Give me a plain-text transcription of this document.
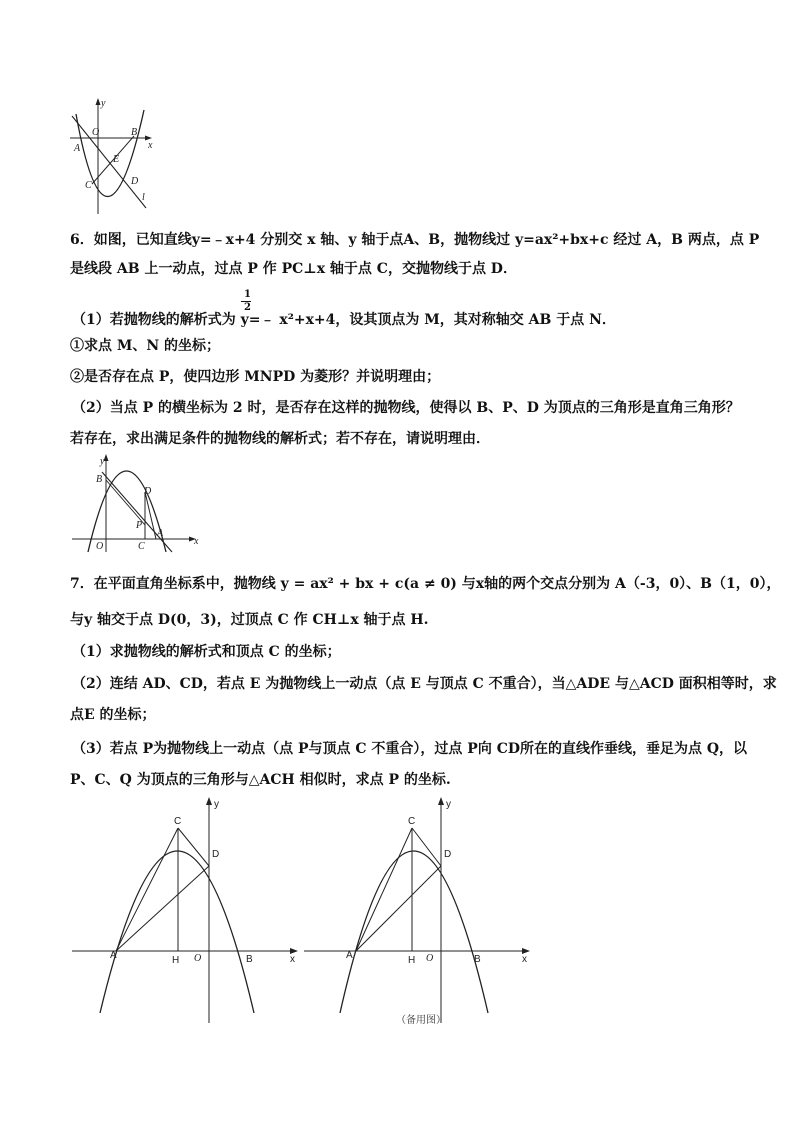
y
x
O	B
A
E
C	D
l
6．如图，已知直线y=﹣x+4 分别交 x 轴、y 轴于点A、B，抛物线过 y=ax²+bx+c 经过 A，B 两点，点 P
是线段 AB 上一动点，过点 P 作 PC⊥x 轴于点 C，交抛物线于点 D．
1
2
（1）若抛物线的解析式为 y=﹣ x²+x+4，设其顶点为 M，其对称轴交 AB 于点 N．
①求点 M、N 的坐标；
②是否存在点 P，使四边形 MNPD 为菱形？并说明理由；
（2）当点 P 的横坐标为 2 时，是否存在这样的抛物线，使得以 B、P、D 为顶点的三角形是直角三角形？
若存在，求出满足条件的抛物线的解析式；若不存在，请说明理由．
y
x
B
D
P
A
O	C
7．在平面直角坐标系中，抛物线 y = ax² + bx + c(a ≠ 0) 与x轴的两个交点分别为 A（-3，0）、B（1，0），
与y 轴交于点 D(0，3)，过顶点 C 作 CH⊥x 轴于点 H.
（1）求抛物线的解析式和顶点 C 的坐标；
（2）连结 AD、CD，若点 E 为抛物线上一动点（点 E 与顶点 C 不重合），当△ADE 与△ACD 面积相等时，求
点E 的坐标；
（3）若点 P为抛物线上一动点（点 P与顶点 C 不重合），过点 P向 CD所在的直线作垂线，垂足为点 Q，以
P、C、Q 为顶点的三角形与△ACH 相似时，求点 P 的坐标.
y
x
C
D
A	H O	B
y
x
C
D
A	H O	B
（备用图）
